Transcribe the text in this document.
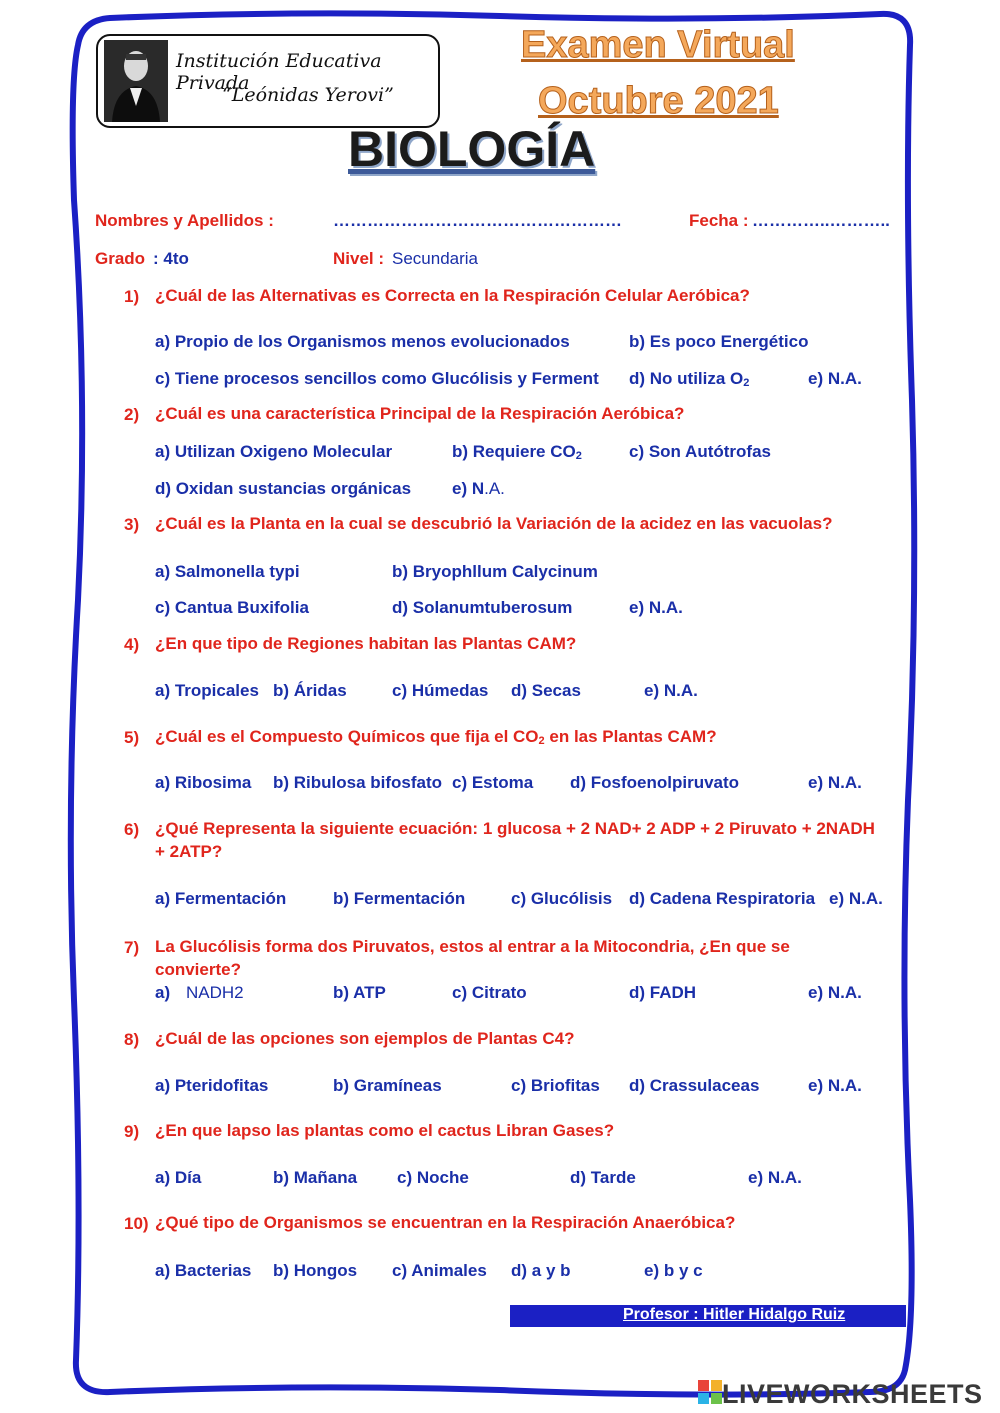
Institución Educativa Privada
“Leónidas Yerovi”
Examen Virtual
Octubre 2021
BIOLOGÍA
Nombres y Apellidos :	……………………………………………	Fecha : …………..………..
Grado : 4to	Nivel : Secundaria
1) ¿Cuál de las Alternativas es Correcta en la Respiración Celular Aeróbica?
a) Propio de los Organismos menos evolucionados	b) Es poco Energético
c) Tiene procesos sencillos como Glucólisis y Ferment d) No utiliza O2	e) N.A.
2) ¿Cuál es una característica Principal de la Respiración Aeróbica?
a) Utilizan Oxigeno Molecular	b) Requiere CO2	c) Son Autótrofas
d) Oxidan sustancias orgánicas e) N.A.
3) ¿Cuál es la Planta en la cual se descubrió la Variación de la acidez en las vacuolas?
a) Salmonella typi	b) Bryophllum Calycinum
c) Cantua Buxifolia	d) Solanumtuberosum	e) N.A.
4) ¿En que tipo de Regiones habitan las Plantas CAM?
a) Tropicales b) Áridas	c) Húmedas d) Secas	e) N.A.
5) ¿Cuál es el Compuesto Químicos que fija el CO2 en las Plantas CAM?
a) Ribosima b) Ribulosa bifosfato c) Estoma d) Fosfoenolpiruvato	e) N.A.
6) ¿Qué Representa la siguiente ecuación: 1 glucosa + 2 NAD+ 2 ADP + 2 Piruvato + 2NADH + 2ATP?
a) Fermentación	b) Fermentación	c) Glucólisis d) Cadena Respiratoria e) N.A.
7) La Glucólisis forma dos Piruvatos, estos al entrar a la Mitocondria, ¿En que se convierte?
a) NADH2	b) ATP	c) Citrato	d) FADH	e) N.A.
8) ¿Cuál de las opciones son ejemplos de Plantas C4?
a) Pteridofitas	b) Gramíneas	c) Briofitas d) Crassulaceas	e) N.A.
9) ¿En que lapso las plantas como el cactus Libran Gases?
a) Día	b) Mañana c) Noche	d) Tarde	e) N.A.
10) ¿Qué tipo de Organismos se encuentran en la Respiración Anaeróbica?
a) Bacterias b) Hongos c) Animales d) a y b	e) b y c
Profesor : Hitler Hidalgo Ruiz
LIVEWORKSHEETS
